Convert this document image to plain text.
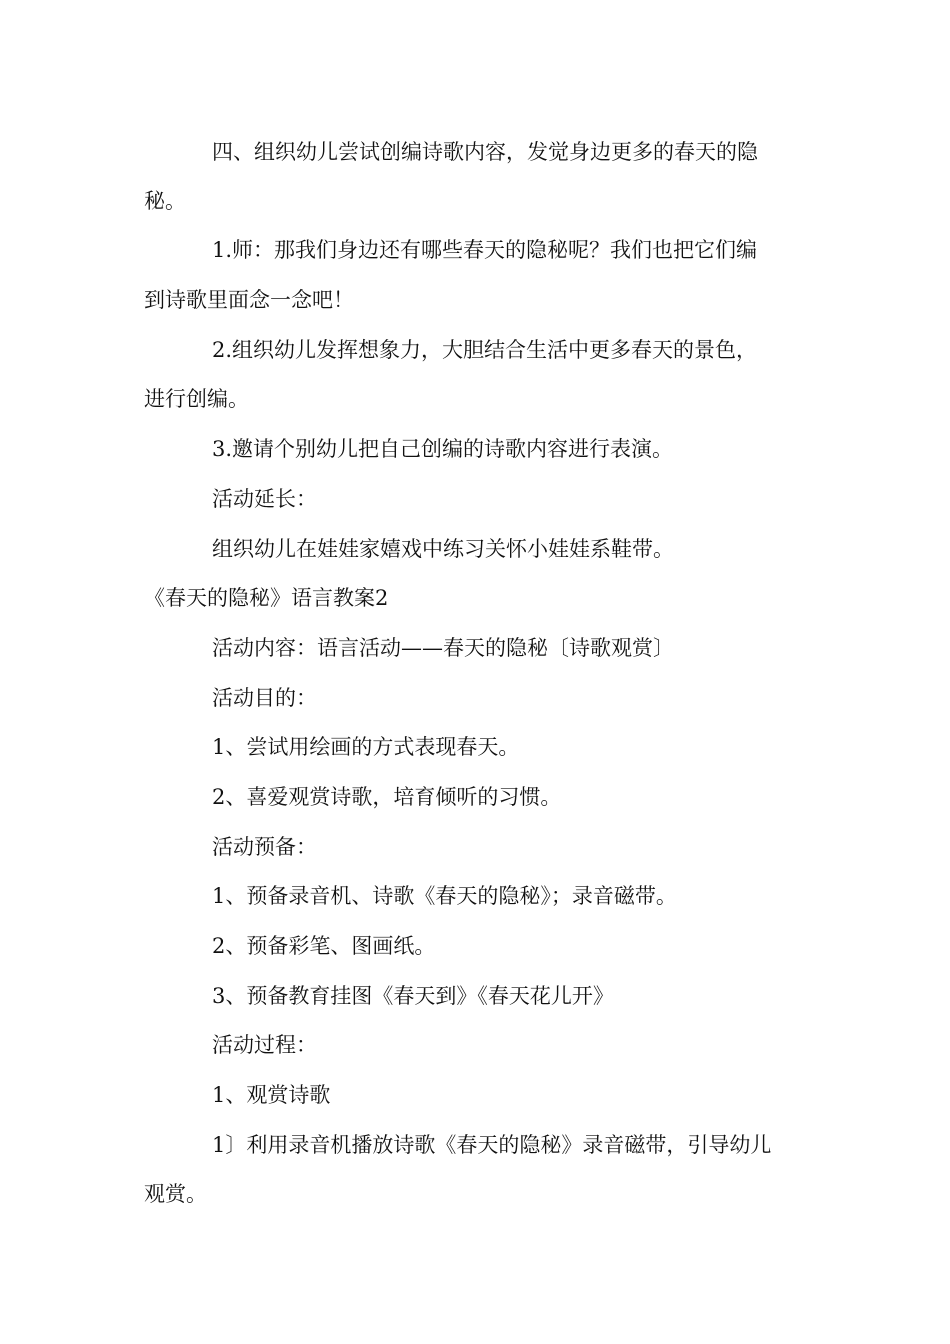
四、组织幼儿尝试创编诗歌内容，发觉身边更多的春天的隐
秘。
1.师：那我们身边还有哪些春天的隐秘呢？我们也把它们编
到诗歌里面念一念吧！
2.组织幼儿发挥想象力，大胆结合生活中更多春天的景色，
进行创编。
3.邀请个别幼儿把自己创编的诗歌内容进行表演。
活动延长：
组织幼儿在娃娃家嬉戏中练习关怀小娃娃系鞋带。
《春天的隐秘》语言教案2
活动内容：语言活动——春天的隐秘〔诗歌观赏〕
活动目的：
1、尝试用绘画的方式表现春天。
2、喜爱观赏诗歌，培育倾听的习惯。
活动预备：
1、预备录音机、诗歌《春天的隐秘》；录音磁带。
2、预备彩笔、图画纸。
3、预备教育挂图《春天到》《春天花儿开》
活动过程：
1、观赏诗歌
1〕利用录音机播放诗歌《春天的隐秘》录音磁带，引导幼儿
观赏。
